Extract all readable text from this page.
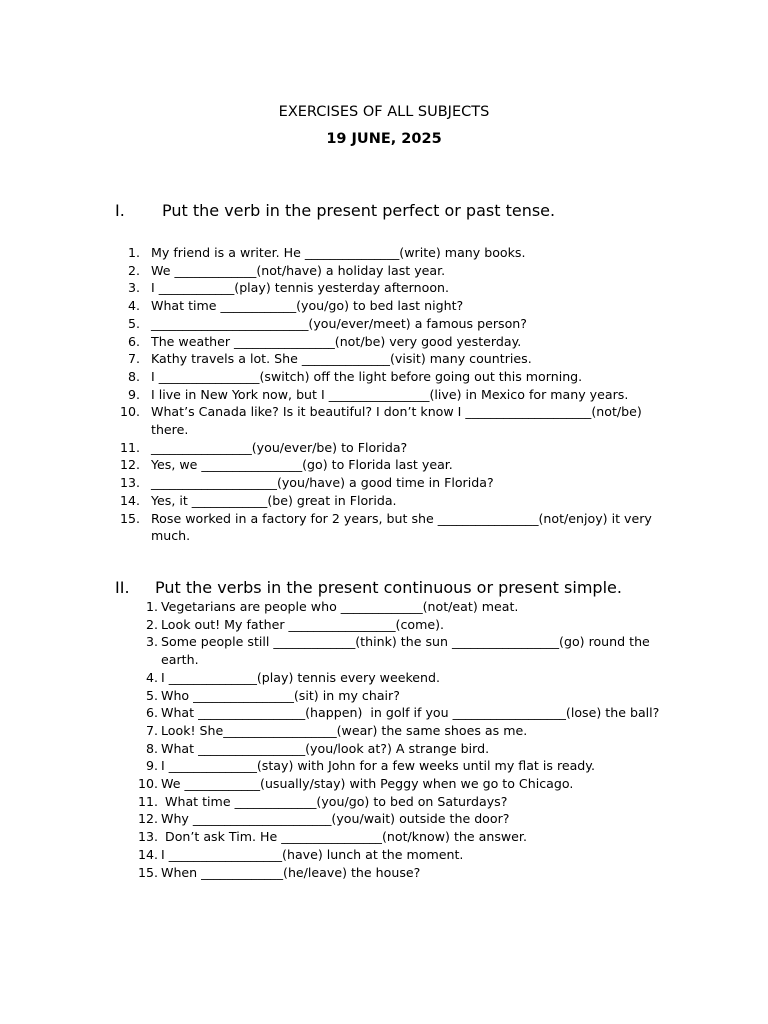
EXERCISES OF ALL SUBJECTS
19 JUNE, 2025
I. Put the verb in the present perfect or past tense.
1. My friend is a writer. He _______________(write) many books.
2. We _____________(not/have) a holiday last year.
3. I ____________(play) tennis yesterday afternoon.
4. What time ____________(you/go) to bed last night?
5. _________________________(you/ever/meet) a famous person?
6. The weather ________________(not/be) very good yesterday.
7. Kathy travels a lot. She ______________(visit) many countries.
8. I ________________(switch) off the light before going out this morning.
9. I live in New York now, but I ________________(live) in Mexico for many years.
10. What’s Canada like? Is it beautiful? I don’t know I ____________________(not/be) there.
11. ________________(you/ever/be) to Florida?
12. Yes, we ________________(go) to Florida last year.
13. ____________________(you/have) a good time in Florida?
14. Yes, it ____________(be) great in Florida.
15. Rose worked in a factory for 2 years, but she ________________(not/enjoy) it very much.
II. Put the verbs in the present continuous or present simple.
1. Vegetarians are people who _____________(not/eat) meat.
2. Look out! My father _________________(come).
3. Some people still _____________(think) the sun _________________(go) round the earth.
4. I ______________(play) tennis every weekend.
5. Who ________________(sit) in my chair?
6. What _________________(happen)  in golf if you __________________(lose) the ball?
7. Look! She__________________(wear) the same shoes as me.
8. What _________________(you/look at?) A strange bird.
9. I ______________(stay) with John for a few weeks until my flat is ready.
10. We ____________(usually/stay) with Peggy when we go to Chicago.
11. What time _____________(you/go) to bed on Saturdays?
12. Why ______________________(you/wait) outside the door?
13. Don’t ask Tim. He ________________(not/know) the answer.
14. I __________________(have) lunch at the moment.
15. When _____________(he/leave) the house?
